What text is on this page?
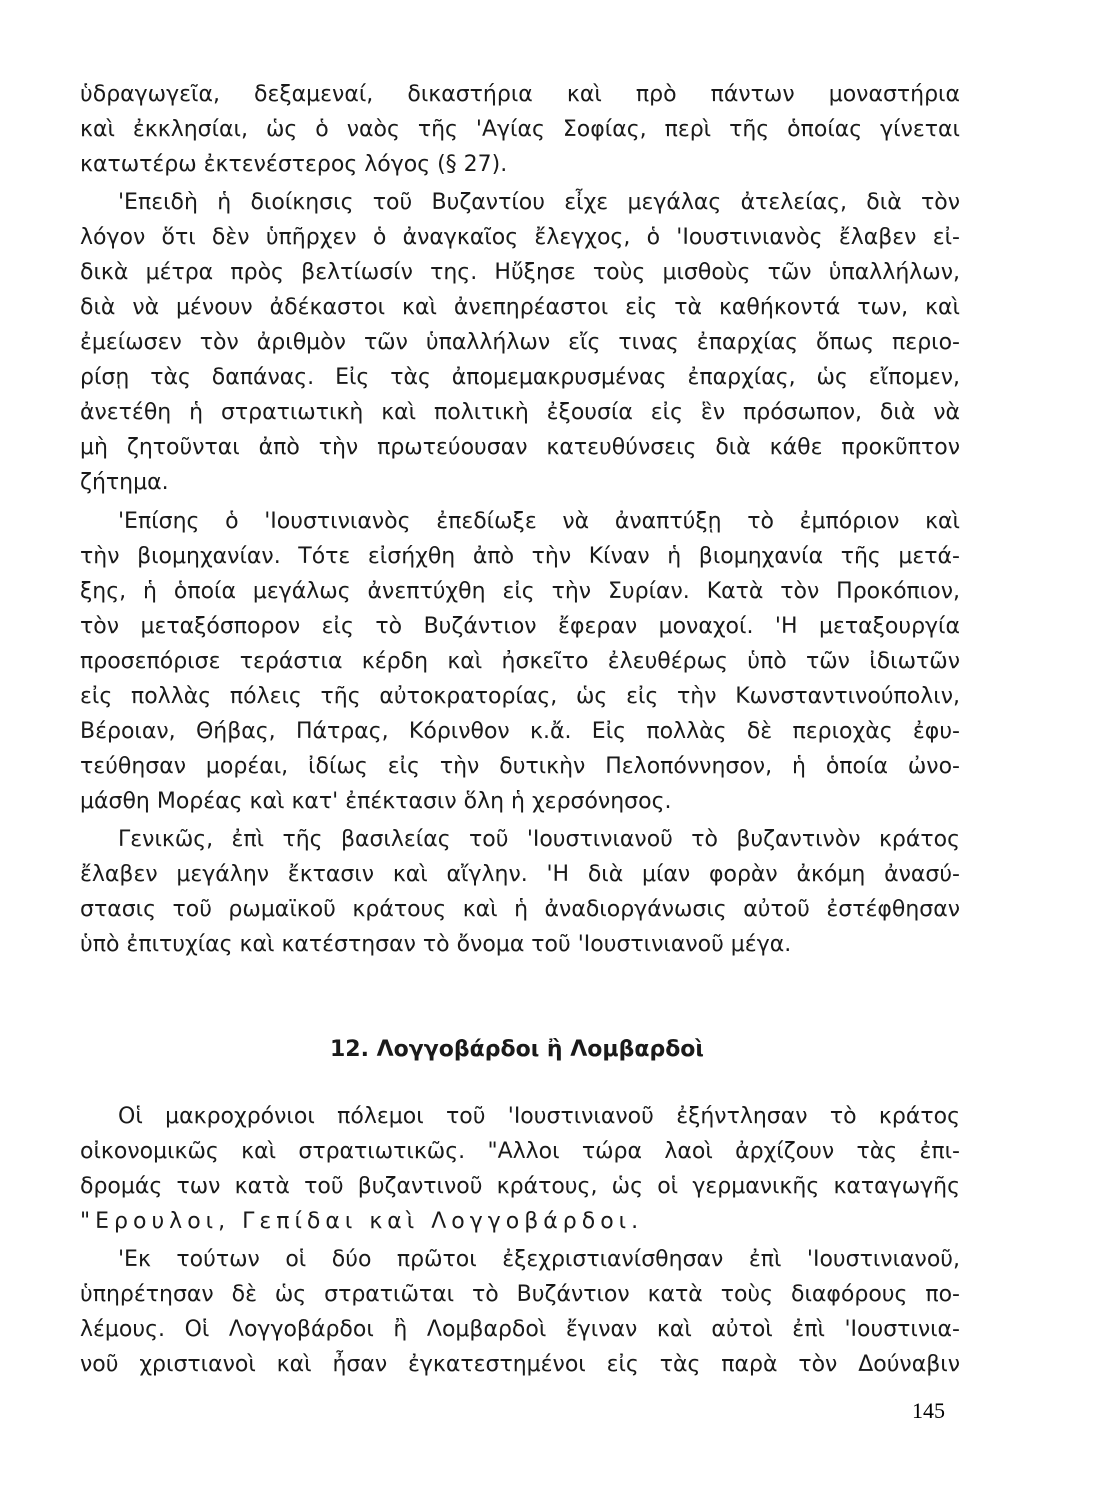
ὑδραγωγεῖα, δεξαμεναί, δικαστήρια καὶ πρὸ πάντων μοναστήρια
καὶ ἐκκλησίαι, ὡς ὁ ναὸς τῆς 'Αγίας Σοφίας, περὶ τῆς ὁποίας γίνεται
κατωτέρω ἐκτενέστερος λόγος (§ 27).
'Επειδὴ ἡ διοίκησις τοῦ Βυζαντίου εἶχε μεγάλας ἀτελείας, διὰ τὸν
λόγον ὅτι δὲν ὑπῆρχεν ὁ ἀναγκαῖος ἔλεγχος, ὁ 'Ιουστινιανὸς ἔλαβεν εἰ-
δικὰ μέτρα πρὸς βελτίωσίν της. Ηὔξησε τοὺς μισθοὺς τῶν ὑπαλλήλων,
διὰ νὰ μένουν ἀδέκαστοι καὶ ἀνεπηρέαστοι εἰς τὰ καθήκοντά των, καὶ
ἐμείωσεν τὸν ἀριθμὸν τῶν ὑπαλλήλων εἴς τινας ἐπαρχίας ὅπως περιο-
ρίσῃ τὰς δαπάνας. Εἰς τὰς ἀπομεμακρυσμένας ἐπαρχίας, ὡς εἴπομεν,
ἀνετέθη ἡ στρατιωτικὴ καὶ πολιτικὴ ἐξουσία εἰς ἓν πρόσωπον, διὰ νὰ
μὴ ζητοῦνται ἀπὸ τὴν πρωτεύουσαν κατευθύνσεις διὰ κάθε προκῦπτον
ζήτημα.
'Επίσης ὁ 'Ιουστινιανὸς ἐπεδίωξε νὰ ἀναπτύξῃ τὸ ἐμπόριον καὶ
τὴν βιομηχανίαν. Τότε εἰσήχθη ἀπὸ τὴν Κίναν ἡ βιομηχανία τῆς μετά-
ξης, ἡ ὁποία μεγάλως ἀνεπτύχθη εἰς τὴν Συρίαν. Κατὰ τὸν Προκόπιον,
τὸν μεταξόσπορον εἰς τὸ Βυζάντιον ἔφεραν μοναχοί. 'Η μεταξουργία
προσεπόρισε τεράστια κέρδη καὶ ἠσκεῖτο ἐλευθέρως ὑπὸ τῶν ἰδιωτῶν
εἰς πολλὰς πόλεις τῆς αὐτοκρατορίας, ὡς εἰς τὴν Κωνσταντινούπολιν,
Βέροιαν, Θήβας, Πάτρας, Κόρινθον κ.ἄ. Εἰς πολλὰς δὲ περιοχὰς ἐφυ-
τεύθησαν μορέαι, ἰδίως εἰς τὴν δυτικὴν Πελοπόννησον, ἡ ὁποία ὠνο-
μάσθη Μορέας καὶ κατ' ἐπέκτασιν ὅλη ἡ χερσόνησος.
Γενικῶς, ἐπὶ τῆς βασιλείας τοῦ 'Ιουστινιανοῦ τὸ βυζαντινὸν κράτος
ἔλαβεν μεγάλην ἔκτασιν καὶ αἴγλην. 'Η διὰ μίαν φορὰν ἀκόμη ἀνασύ-
στασις τοῦ ρωμαϊκοῦ κράτους καὶ ἡ ἀναδιοργάνωσις αὐτοῦ ἐστέφθησαν
ὑπὸ ἐπιτυχίας καὶ κατέστησαν τὸ ὄνομα τοῦ 'Ιουστινιανοῦ μέγα.
12. Λογγοβάρδοι ἢ Λομβαρδοὶ
Οἱ μακροχρόνιοι πόλεμοι τοῦ 'Ιουστινιανοῦ ἐξήντλησαν τὸ κράτος
οἰκονομικῶς καὶ στρατιωτικῶς. "Αλλοι τώρα λαοὶ ἀρχίζουν τὰς ἐπι-
δρομάς των κατὰ τοῦ βυζαντινοῦ κράτους, ὡς οἱ γερμανικῆς καταγωγῆς
"Ερουλοι, Γεπίδαι καὶ Λογγοβάρδοι.
'Εκ τούτων οἱ δύο πρῶτοι ἐξεχριστιανίσθησαν ἐπὶ 'Ιουστινιανοῦ,
ὑπηρέτησαν δὲ ὡς στρατιῶται τὸ Βυζάντιον κατὰ τοὺς διαφόρους πο-
λέμους. Οἱ Λογγοβάρδοι ἢ Λομβαρδοὶ ἔγιναν καὶ αὐτοὶ ἐπὶ 'Ιουστινια-
νοῦ χριστιανοὶ καὶ ἦσαν ἐγκατεστημένοι εἰς τὰς παρὰ τὸν Δούναβιν
145
